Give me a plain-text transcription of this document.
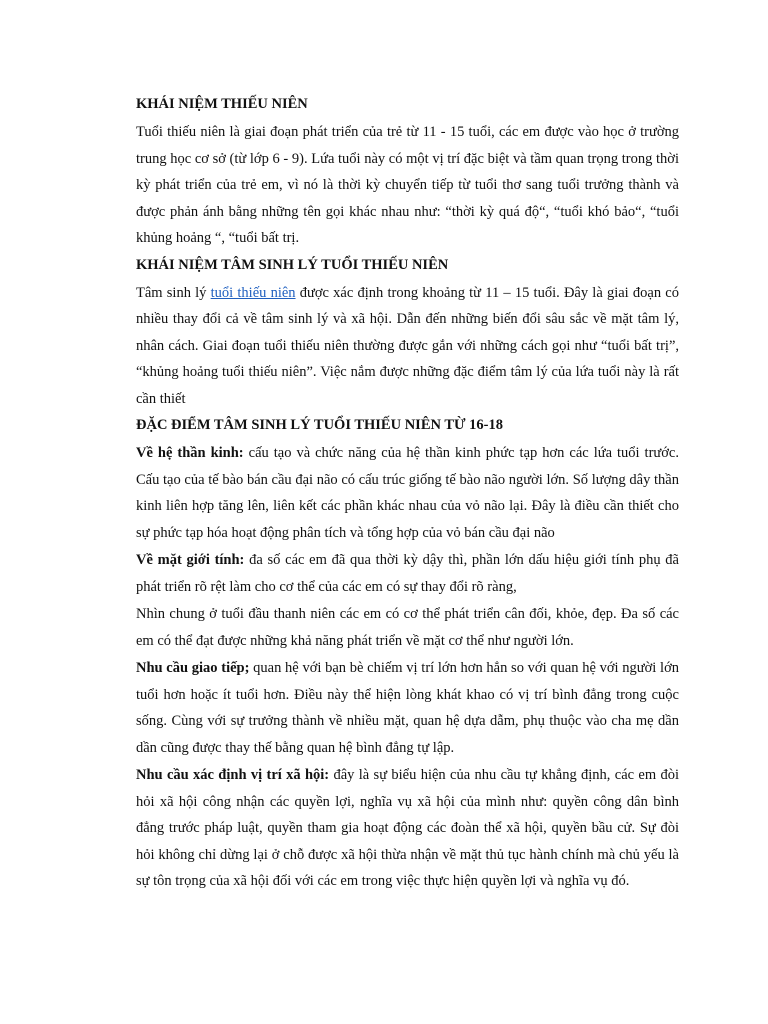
KHÁI NIỆM THIẾU NIÊN

Tuổi thiếu niên là giai đoạn phát triển của trẻ từ 11 - 15 tuổi, các em được vào học ở trường trung học cơ sở (từ lớp 6 - 9). Lứa tuổi này có một vị trí đặc biệt và tầm quan trọng trong thời kỳ phát triển của trẻ em, vì nó là thời kỳ chuyển tiếp từ tuổi thơ sang tuổi trưởng thành và được phản ánh bằng những tên gọi khác nhau như: “thời kỳ quá độ“, “tuổi khó bảo“, “tuổi khủng hoảng “, “tuổi bất trị.

KHÁI NIỆM TÂM SINH LÝ TUỔI THIẾU NIÊN

Tâm sinh lý tuổi thiếu niên được xác định trong khoảng từ 11 – 15 tuổi. Đây là giai đoạn có nhiều thay đổi cả về tâm sinh lý và xã hội. Dẫn đến những biến đổi sâu sắc về mặt tâm lý, nhân cách. Giai đoạn tuổi thiếu niên thường được gắn với những cách gọi như “tuổi bất trị”, “khủng hoảng tuổi thiếu niên”. Việc nắm được những đặc điểm tâm lý của lứa tuổi này là rất cần thiết

ĐẶC ĐIỂM TÂM SINH LÝ TUỔI THIẾU NIÊN TỪ 16-18

Về hệ thần kinh: cấu tạo và chức năng của hệ thần kinh phức tạp hơn các lứa tuổi trước. Cấu tạo của tế bào bán cầu đại não có cấu trúc giống tế bào não người lớn. Số lượng dây thần kinh liên hợp tăng lên, liên kết các phần khác nhau của vỏ não lại. Đây là điều cần thiết cho sự phức tạp hóa hoạt động phân tích và tổng hợp của vỏ bán cầu đại não

Về mặt giới tính: đa số các em đã qua thời kỳ dậy thì, phần lớn dấu hiệu giới tính phụ đã phát triển rõ rệt làm cho cơ thể của các em có sự thay đổi rõ ràng,

Nhìn chung ở tuổi đầu thanh niên các em có cơ thể phát triển cân đối, khỏe, đẹp. Đa số các em có thể đạt được những khả năng phát triển về mặt cơ thể như người lớn.

Nhu cầu giao tiếp; quan hệ với bạn bè chiếm vị trí lớn hơn hẳn so với quan hệ với người lớn tuổi hơn hoặc ít tuổi hơn. Điều này thể hiện lòng khát khao có vị trí bình đẳng trong cuộc sống. Cùng với sự trưởng thành về nhiều mặt, quan hệ dựa dẫm, phụ thuộc vào cha mẹ dần dần cũng được thay thế bằng quan hệ bình đẳng tự lập.

Nhu cầu xác định vị trí xã hội: đây là sự biểu hiện của nhu cầu tự khẳng định, các em đòi hỏi xã hội công nhận các quyền lợi, nghĩa vụ xã hội của mình như: quyền công dân bình đẳng trước pháp luật, quyền tham gia hoạt động các đoàn thể xã hội, quyền bầu cử. Sự đòi hỏi không chỉ dừng lại ở chỗ được xã hội thừa nhận về mặt thủ tục hành chính mà chủ yếu là sự tôn trọng của xã hội đối với các em trong việc thực hiện quyền lợi và nghĩa vụ đó.
